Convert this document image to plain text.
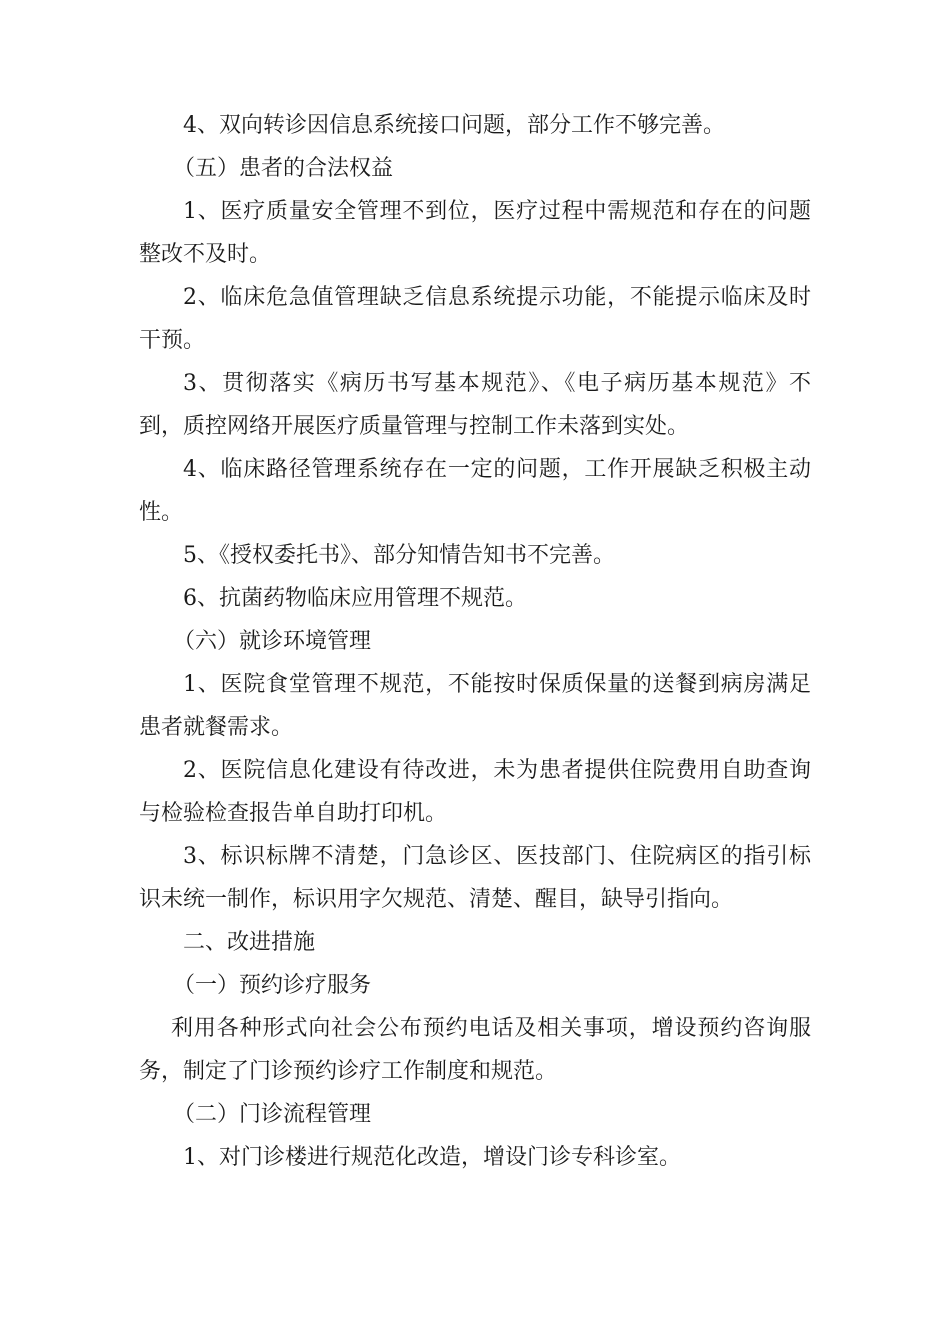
4、双向转诊因信息系统接口问题，部分工作不够完善。

（五）患者的合法权益

1、医疗质量安全管理不到位，医疗过程中需规范和存在的问题整改不及时。

2、临床危急值管理缺乏信息系统提示功能，不能提示临床及时干预。

3、贯彻落实《病历书写基本规范》、《电子病历基本规范》不到，质控网络开展医疗质量管理与控制工作未落到实处。

4、临床路径管理系统存在一定的问题，工作开展缺乏积极主动性。

5、《授权委托书》、部分知情告知书不完善。

6、抗菌药物临床应用管理不规范。

（六）就诊环境管理

1、医院食堂管理不规范，不能按时保质保量的送餐到病房满足患者就餐需求。

2、医院信息化建设有待改进，未为患者提供住院费用自助查询与检验检查报告单自助打印机。

3、标识标牌不清楚，门急诊区、医技部门、住院病区的指引标识未统一制作，标识用字欠规范、清楚、醒目，缺导引指向。

二、改进措施

（一）预约诊疗服务

利用各种形式向社会公布预约电话及相关事项，增设预约咨询服务，制定了门诊预约诊疗工作制度和规范。

（二）门诊流程管理

1、对门诊楼进行规范化改造，增设门诊专科诊室。
